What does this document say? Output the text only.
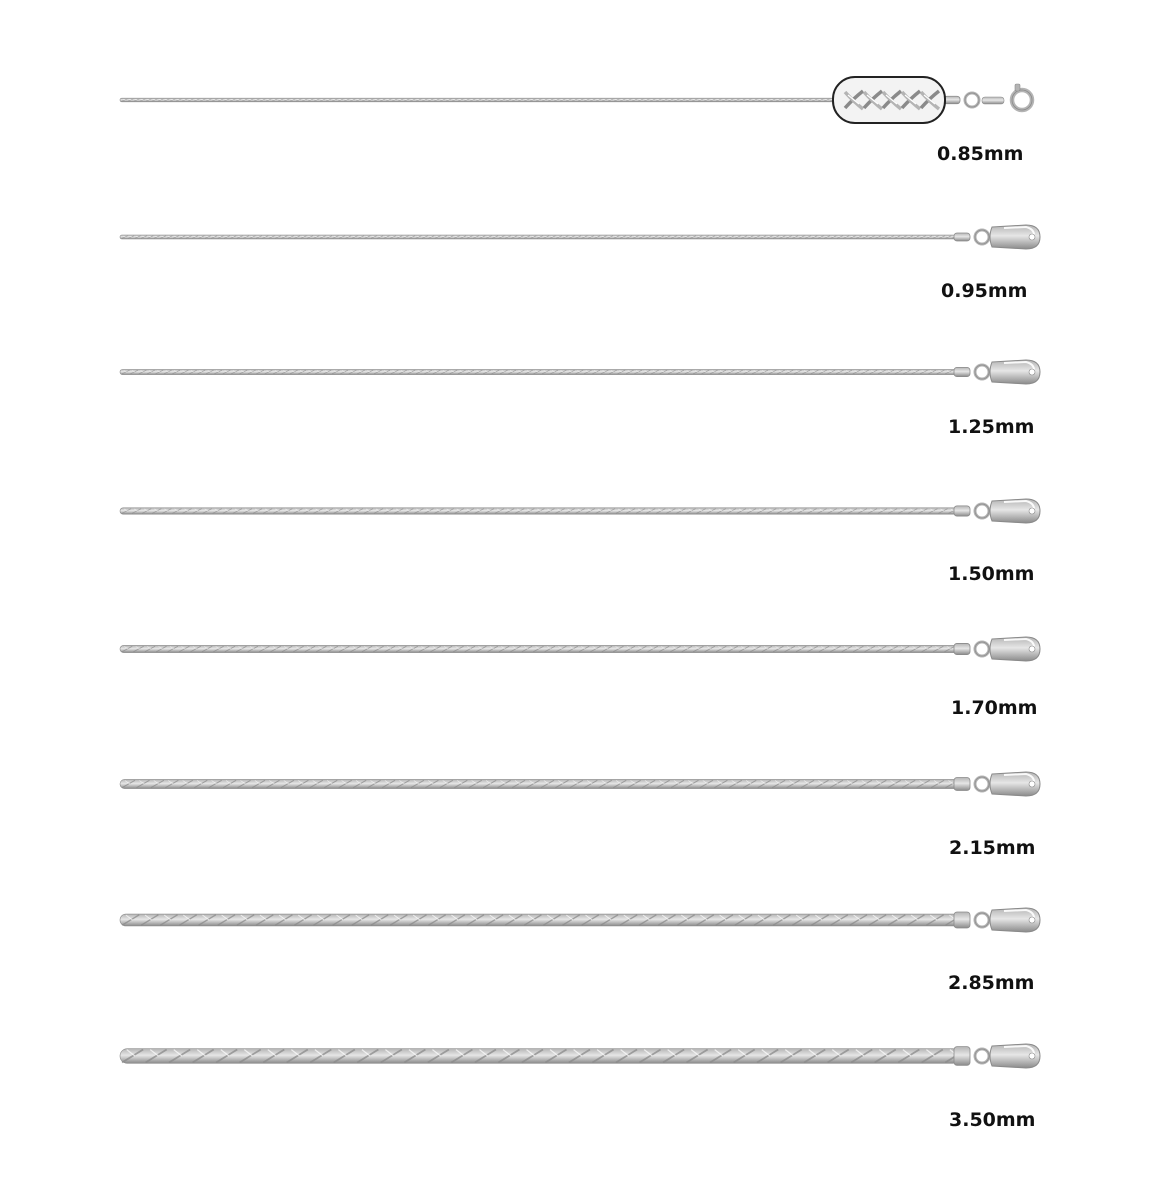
0.85mm
0.95mm
1.25mm
1.50mm
1.70mm
2.15mm
2.85mm
3.50mm
